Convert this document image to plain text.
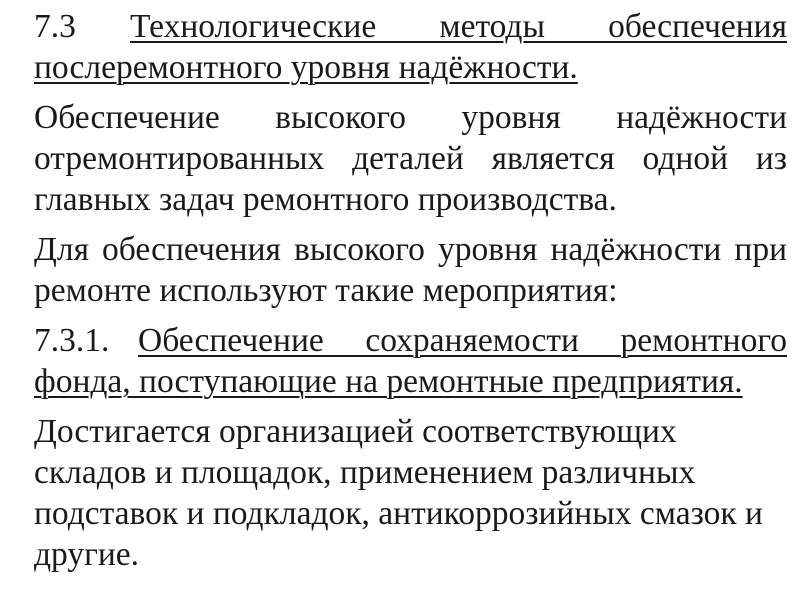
7.3 Технологические методы обеспечения послеремонтного уровня надёжности.

Обеспечение высокого уровня надёжности отремонтированных деталей является одной из главных задач ремонтного производства.

Для обеспечения высокого уровня надёжности при ремонте используют такие мероприятия:

7.3.1. Обеспечение сохраняемости ремонтного фонда, поступающие на ремонтные предприятия.

Достигается организацией соответствующих складов и площадок, применением различных подставок и подкладок, антикоррозийных смазок и другие.
